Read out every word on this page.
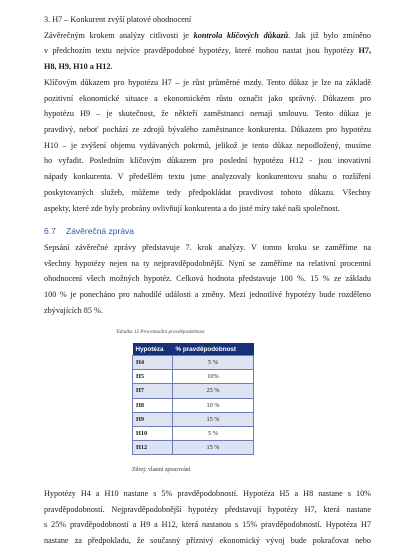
3. H7 – Konkurent zvýší platové ohodnocení
Závěrečným krokem analýzy citlivosti je kontrola klíčových důkazů. Jak již bylo zmíněno
v předchozím textu nejvíce pravděpodobné hypotézy, které mohou nastat jsou hypotézy H7,
H8, H9, H10 a H12.
Klíčovým důkazem pro hypotézu H7 – je růst průměrné mzdy. Tento důkaz je lze na základě
pozitivní ekonomické situace a ekonomickém růstu označit jako správný. Důkazem pro
hypotézu H9 – je skutečnost, že někteří zaměstnanci nemají smlouvu. Tento důkaz je
pravdivý, neboť pochází ze zdrojů bývalého zaměstnance konkurenta. Důkazem pro hypotézu
H10 – je zvýšení objemu vydávaných pokrmů, jelikož je tento důkaz nepodložený, musíme
ho vyřadit. Posledním klíčovým důkazem pro poslední hypotézu H12 - jsou inovativní
nápady konkurenta. V předešlém textu jsme analyzovaly konkurentovu snahu o rozšíření
poskytovaných služeb, můžeme tedy předpokládat pravdivost tohoto důkazu. Všechny
aspekty, které zde byly probrány ovlivňují konkurenta a do jisté míry také naši společnost.
6.7 Závěrečná zpráva
Sepsání závěrečné zprávy představuje 7. krok analýzy. V tomto kroku se zaměříme na
všechny hypotézy nejen na ty nejpravděpodobnější. Nyní se zaměříme na relativní procentní
ohodnocení všech možných hypotéz. Celková hodnota představuje 100 %. 15 % ze základu
100 % je ponecháno pro nahodilé události a změny. Mezi jednotlivé hypotézy bude rozděleno
zbývajících 85 %.
Tabulka 12 Procentuální pravděpodobnost
Hypotéza	% pravděpodobnost
H4	5 %
H5	10%
H7	25 %
H8	10 %
H9	15 %
H10	5 %
H12	15 %
Zdroj: vlastní zpracování
Hypotézy H4 a H10 nastane s 5% pravděpodobností. Hypotéza H5 a H8 nastane s 10%
pravděpodobností. Nejpravděpodobnější hypotézy představují hypotézy H7, která nastane
s 25% pravděpodobností a H9 a H12, která nastanou s 15% pravděpodobností. Hypotéza H7
nastane za předpokladu, že současný příznivý ekonomický vývoj bude pokračovat nebo
